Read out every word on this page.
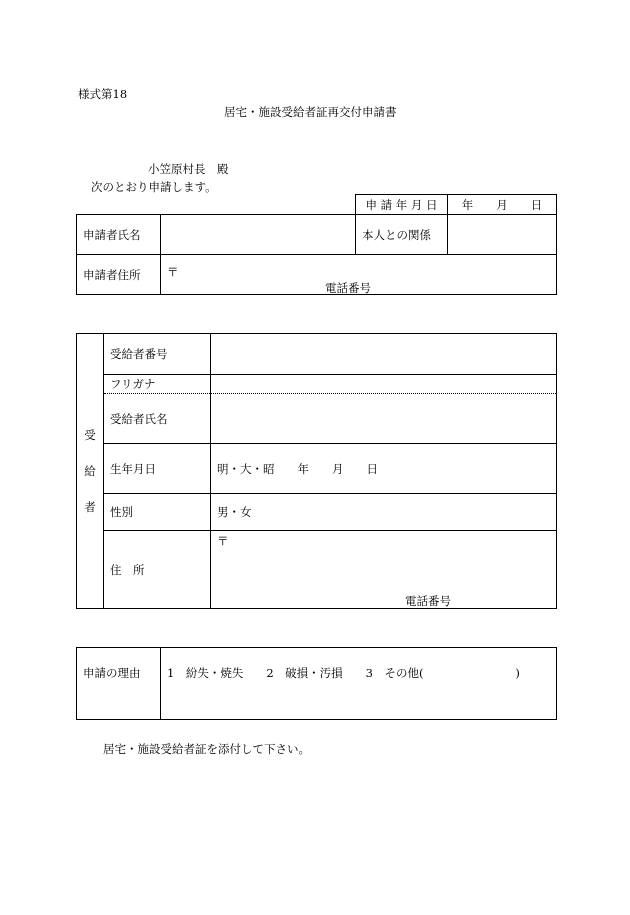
様式第18
居宅・施設受給者証再交付申請書
小笠原村長　殿
次のとおり申請します。
		申 請 年 月 日	年　　月　　日
申請者氏名		本人との関係	
申請者住所	〒
電話番号		
受
給
者	受給者番号	
	フリガナ	
	受給者氏名	
	生年月日	明・大・昭　　年　　月　　日
	性別	男・女
	住　所	〒
電話番号
申請の理由	1　紛失・焼失　　2　破損・汚損　　3　その他(　　　　　　　　)
居宅・施設受給者証を添付して下さい。
